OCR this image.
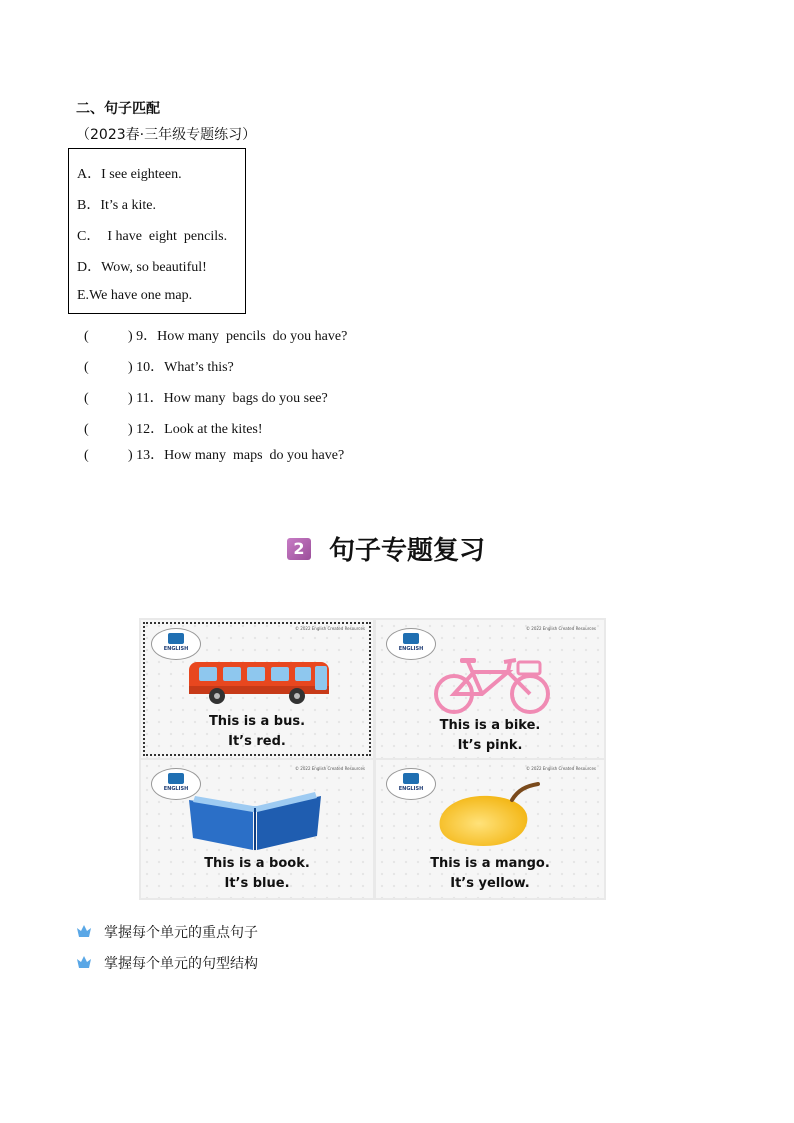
二、句子匹配
（2023春·三年级专题练习）
A．I see eighteen.
B．It’s a kite.
C．  I have  eight  pencils.
D．Wow, so beautiful!
E.We have one map.
(	) 9．How many  pencils  do you have?
(	) 10．What’s this?
(	) 11．How many  bags do you see?
(	) 12．Look at the kites!
(	) 13．How many  maps  do you have?
2 句子专题复习
ENGLISH
© 2022 English Created Resources
This is a bus.
It’s red.
ENGLISH
© 2022 English Created Resources
This is a bike.
It’s pink.
ENGLISH
© 2022 English Created Resources
This is a book.
It’s blue.
ENGLISH
© 2022 English Created Resources
This is a mango.
It’s yellow.
掌握每个单元的重点句子
掌握每个单元的句型结构
